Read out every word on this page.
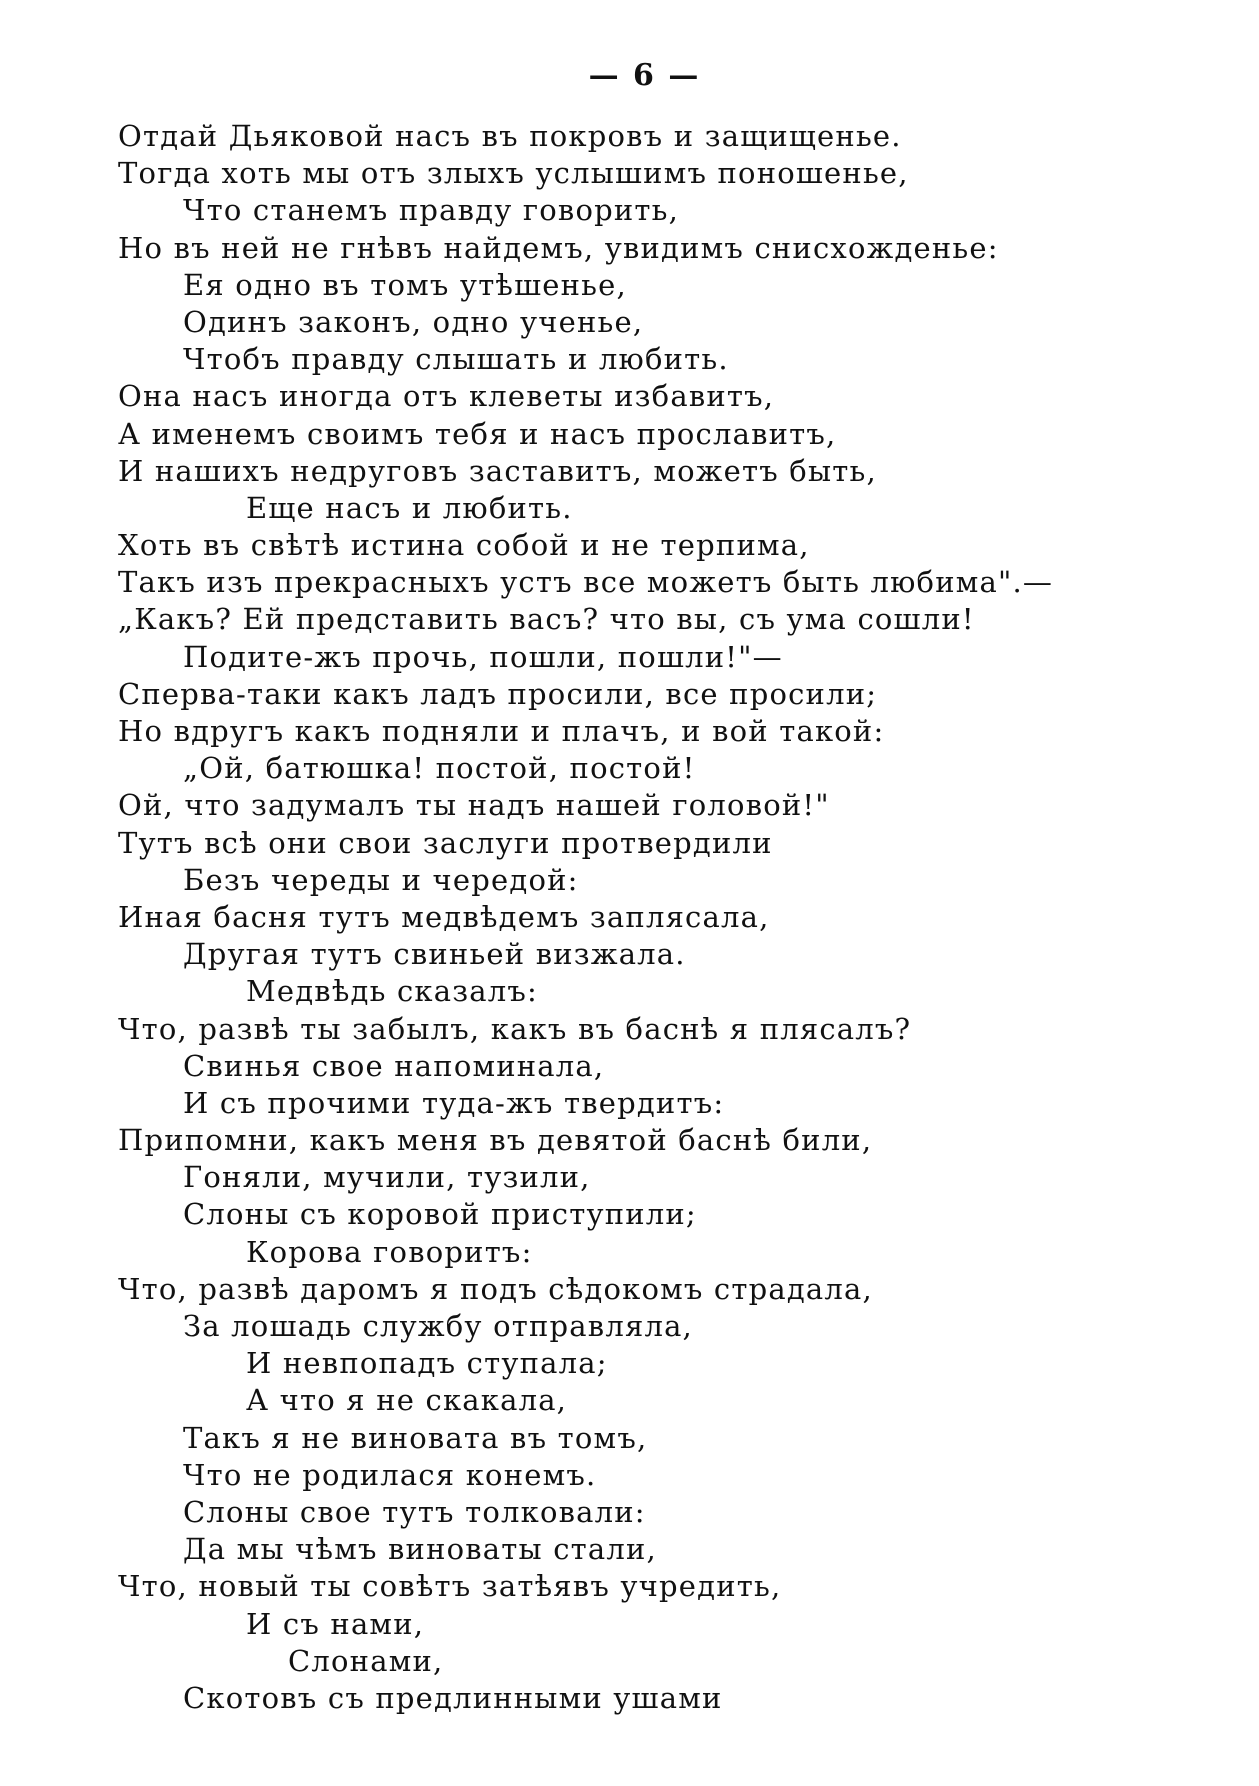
— 6 —
Отдай Дьяковой насъ въ покровъ и защищенье.
Тогда хоть мы отъ злыхъ услышимъ поношенье,
Что станемъ правду говорить,
Но въ ней не гнѣвъ найдемъ, увидимъ снисхожденье:
Ея одно въ томъ утѣшенье,
Одинъ законъ, одно ученье,
Чтобъ правду слышать и любить.
Она насъ иногда отъ клеветы избавитъ,
А именемъ своимъ тебя и насъ прославитъ,
И нашихъ недруговъ заставитъ, можетъ быть,
Еще насъ и любить.
Хоть въ свѣтѣ истина собой и не терпима,
Такъ изъ прекрасныхъ устъ все можетъ быть любима".—
„Какъ? Ей представить васъ? что вы, съ ума сошли!
Подите-жъ прочь, пошли, пошли!"—
Сперва-таки какъ ладъ просили, все просили;
Но вдругъ какъ подняли и плачъ, и вой такой:
„Ой, батюшка! постой, постой!
Ой, что задумалъ ты надъ нашей головой!"
Тутъ всѣ они свои заслуги протвердили
Безъ череды и чередой:
Иная басня тутъ медвѣдемъ заплясала,
Другая тутъ свиньей визжала.
Медвѣдь сказалъ:
Что, развѣ ты забылъ, какъ въ баснѣ я плясалъ?
Свинья свое напоминала,
И съ прочими туда-жъ твердитъ:
Припомни, какъ меня въ девятой баснѣ били,
Гоняли, мучили, тузили,
Слоны съ коровой приступили;
Корова говоритъ:
Что, развѣ даромъ я подъ сѣдокомъ страдала,
За лошадь службу отправляла,
И невпопадъ ступала;
А что я не скакала,
Такъ я не виновата въ томъ,
Что не родилася конемъ.
Слоны свое тутъ толковали:
Да мы чѣмъ виноваты стали,
Что, новый ты совѣтъ затѣявъ учредить,
И съ нами,
Слонами,
Скотовъ съ предлинными ушами
